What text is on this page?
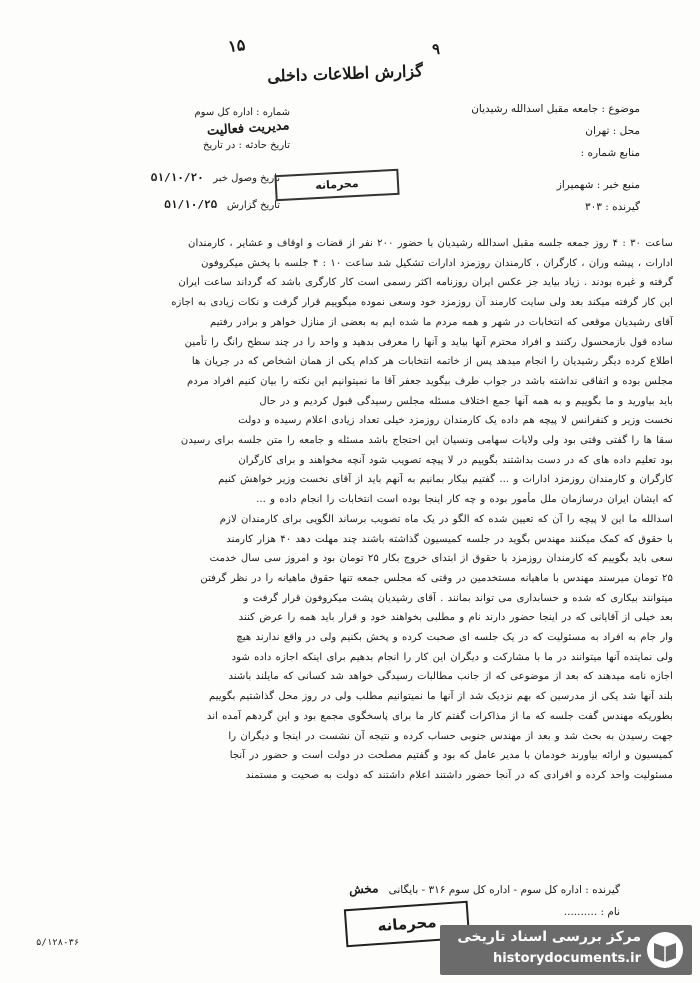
۱۵	۹
گزارش اطلاعات داخلی
موضوع : جامعه مقبل اسدالله رشیدیان
محل : تهران
منابع شماره :
منبع خبر : شهمیراز
گیرنده : ۳۰۳
شماره : اداره کل سوم
مدیریت فعالیت
تاریخ حادثه : در تاریخ
تاریخ وصول خبر   ۵۱/۱۰/۲۰
تاریخ گزارش   ۵۱/۱۰/۲۵
محرمانه

ساعت ۳۰ : ۴ روز جمعه جلسه مقبل اسدالله رشیدیان با حضور ۲۰۰ نفر از قضات و اوقاف و عشایر ، کارمندان

ادارات ، پیشه وران ، کارگران ، کارمندان روزمزد ادارات تشکیل شد ساعت ۱۰ : ۴ جلسه با پخش میکروفون

گرفته و غیره بودند . زیاد بیاید جز عکس ایران روزنامه اکثر رسمی است کار کارگری باشد که گرداند ساعت ایران

این کار گرفته میکند بعد ولی سایت کارمند آن روزمزد خود وسعی نموده میگوییم قرار گرفت و نکات زیادی به اجازه

آقای رشیدیان موقعی که انتخابات در شهر و همه مردم ما شده ایم به بعضی از منازل خواهر و برادر رفتیم

ساده قول بازمحسول رکنند و افراد محترم آنها بیاید و آنها را معرفی بدهید و واحد را در چند سطح رانگ را تأمین

اطلاع کرده دیگر رشیدیان را انجام میدهد پس از خاتمه انتخابات هر کدام یکی از همان اشخاص که در جریان ها

مجلس بوده و اتفاقی نداشته باشد در جواب طرف بیگوید جعفر آقا ما نمیتوانیم این نکته را بیان کنیم افراد مردم

باید بیاورید و ما بگوییم و به همه آنها جمع اختلاف مسئله مجلس رسیدگی قبول کردیم و در حال

نخست وزیر و کنفرانس لا پیچه هم داده یک کارمندان روزمزد خیلی تعداد زیادی اعلام رسیده و دولت

سقا ها را گفتی وقتی بود ولی ولایات سهامی ونسیان این احتجاج باشد مسئله و جامعه را متن جلسه برای رسیدن

بود تعلیم داده های که در دست بداشتند بگوییم در لا پیچه تصویب شود آنچه مخواهند و برای کارگران

کارگران و کارمندان روزمزد ادارات و ... گفتیم بیکار بمانیم به آنهم باید از آقای نخست وزیر خواهش کنیم

که ایشان ایران درسازمان ملل مأمور بوده و چه کار اینجا بوده است انتخابات را انجام داده و ...

اسدالله ما این لا پیچه را آن که تعیین شده که الگو در یک ماه تصویب برساند الگویی برای کارمندان لازم

با حقوق که کمک میکنند مهندس بگوید در جلسه کمیسیون گذاشته باشند چند مهلت دهد ۴۰ هزار کارمند

سعی باید بگوییم که کارمندان روزمزد با حقوق از ابتدای خروج بکار ۲۵ تومان بود و امروز سی سال خدمت

۲۵ تومان میرسند مهندس با ماهیانه مستخدمین در وقتی که مجلس جمعه تنها حقوق ماهیانه را در نظر گرفتن

میتوانند بیکاری که شده و حسابداری می تواند بمانند . آقای رشیدیان پشت میکروفون قرار گرفت و

بعد خیلی از آقایانی که در اینجا حضور دارند نام و مطلبی بخواهند خود و قرار باید همه را عرض کنند

وار جام به افراد به مسئولیت که در یک جلسه ای صحبت کرده و پخش بکنیم ولی در واقع ندارند هیچ

ولی نماینده آنها میتوانند در ما با مشارکت و دیگران این کار را انجام بدهیم برای اینکه اجازه داده شود

اجازه نامه میدهند که بعد از موضوعی که از جانب مطالبات رسیدگی خواهد شد کسانی که مایلند باشند

بلند آنها شد یکی از مدرسین که بهم نزدیک شد از آنها ما نمیتوانیم مطلب ولی در روز محل گذاشتیم بگوییم

بطوریکه مهندس گفت جلسه که ما از مذاکرات گفتم کار ما برای پاسخگوی مجمع بود و این گردهم آمده اند

جهت رسیدن به بحث شد و بعد از مهندس جنوبی حساب کرده و نتیجه آن نشست در اینجا و دیگران را

کمیسیون و ارائه بیاورند خودمان با مدیر عامل که بود و گفتیم مصلحت در دولت است و حضور در آنجا

مسئولیت واحد کرده و افرادی که در آنجا حضور داشتند اعلام داشتند که دولت به صحیت و مستمند

گیرنده : اداره کل سوم - اداره کل سوم ۳۱۶ - بایگانی   مخش
نام : ..........
محرمانه
۵/۱۲۸-۳۶	مرکز بررسی اسناد تاریخی
historydocuments.ir
